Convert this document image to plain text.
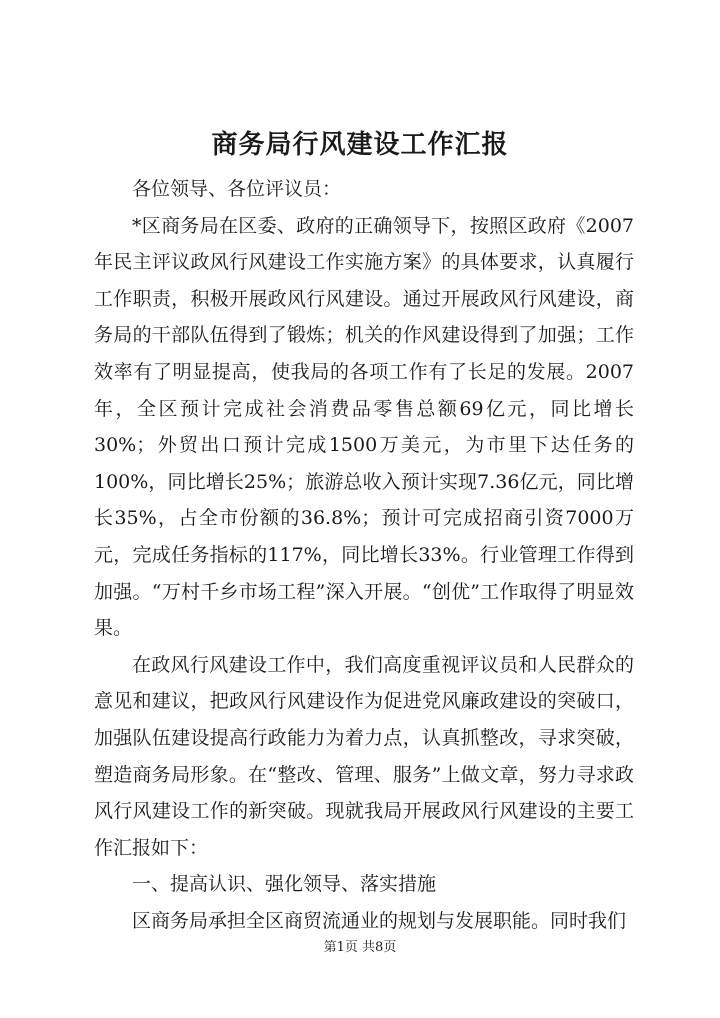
商务局行风建设工作汇报

各位领导、各位评议员：

*区商务局在区委、政府的正确领导下，按照区政府《2007年民主评议政风行风建设工作实施方案》的具体要求，认真履行工作职责，积极开展政风行风建设。通过开展政风行风建设，商务局的干部队伍得到了锻炼；机关的作风建设得到了加强；工作效率有了明显提高，使我局的各项工作有了长足的发展。2007年，全区预计完成社会消费品零售总额69亿元，同比增长30%；外贸出口预计完成1500万美元，为市里下达任务的100%，同比增长25%；旅游总收入预计实现7.36亿元，同比增长35%，占全市份额的36.8%；预计可完成招商引资7000万元，完成任务指标的117%，同比增长33%。行业管理工作得到加强。“万村千乡市场工程”深入开展。“创优”工作取得了明显效果。

在政风行风建设工作中，我们高度重视评议员和人民群众的意见和建议，把政风行风建设作为促进党风廉政建设的突破口，加强队伍建设提高行政能力为着力点，认真抓整改，寻求突破，塑造商务局形象。在“整改、管理、服务”上做文章，努力寻求政风行风建设工作的新突破。现就我局开展政风行风建设的主要工作汇报如下：

一、提高认识、强化领导、落实措施

区商务局承担全区商贸流通业的规划与发展职能。同时我们

第1页 共8页
